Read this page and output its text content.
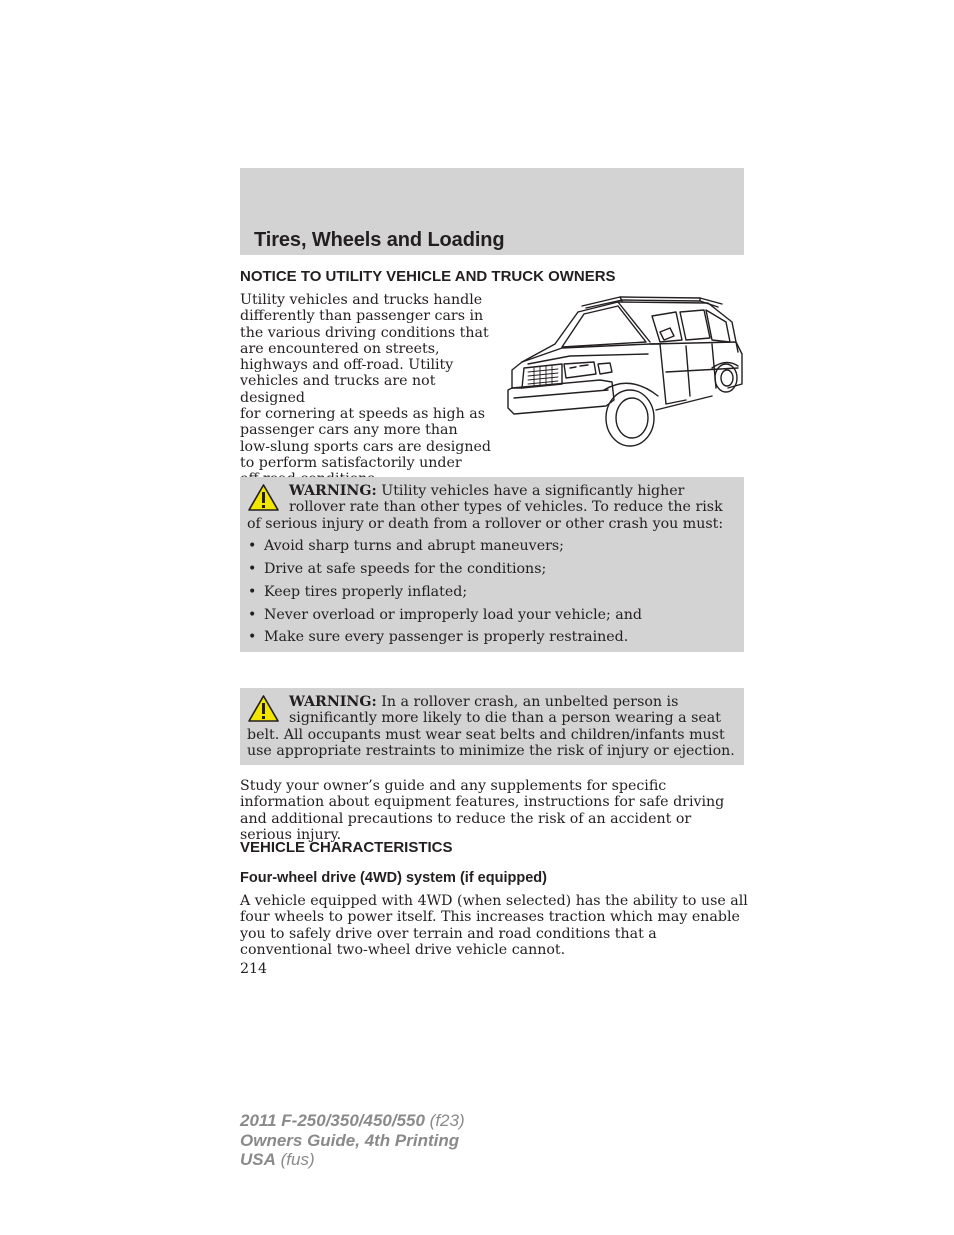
Tires, Wheels and Loading
NOTICE TO UTILITY VEHICLE AND TRUCK OWNERS
Utility vehicles and trucks handle
differently than passenger cars in
the various driving conditions that
are encountered on streets,
highways and off-road. Utility
vehicles and trucks are not designed
for cornering at speeds as high as
passenger cars any more than
low-slung sports cars are designed
to perform satisfactorily under

WARNING: Utility vehicles have a significantly higher rollover rate than other types of vehicles. To reduce the risk of serious injury or death from a rollover or other crash you must:

• Avoid sharp turns and abrupt maneuvers;
• Drive at safe speeds for the conditions;
• Keep tires properly inflated;
• Never overload or improperly load your vehicle; and
• Make sure every passenger is properly restrained.

WARNING: In a rollover crash, an unbelted person is significantly more likely to die than a person wearing a seat belt. All occupants must wear seat belts and children/infants must use appropriate restraints to minimize the risk of injury or ejection.

Study your owner’s guide and any supplements for specific information about equipment features, instructions for safe driving and additional precautions to reduce the risk of an accident or serious injury.

VEHICLE CHARACTERISTICS
Four-wheel drive (4WD) system (if equipped)

A vehicle equipped with 4WD (when selected) has the ability to use all four wheels to power itself. This increases traction which may enable you to safely drive over terrain and road conditions that a conventional two-wheel drive vehicle cannot.

214

2011 F-250/350/450/550 (f23)
Owners Guide, 4th Printing
USA (fus)
